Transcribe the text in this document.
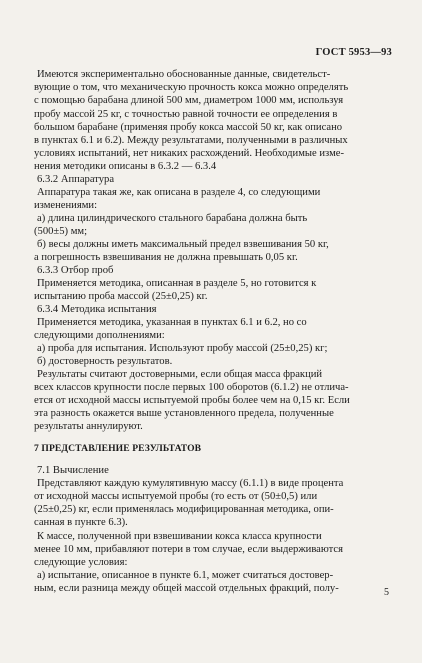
ГОСТ 5953—93
Имеются экспериментально обоснованные данные, свидетельст-
вующие о том, что механическую прочность кокса можно определять
с помощью барабана длиной 500 мм, диаметром 1000 мм, используя
пробу массой 25 кг, с точностью равной точности ее определения в
большом барабане (применяя пробу кокса массой 50 кг, как описано
в пунктах 6.1 и 6.2). Между результатами, полученными в различных
условиях испытаний, нет никаких расхождений. Необходимые изме-
нения методики описаны в 6.3.2 — 6.3.4
6.3.2 Аппаратура
Аппаратура такая же, как описана в разделе 4, со следующими
изменениями:
а) длина цилиндрического стального барабана должна быть
(500±5) мм;
б) весы должны иметь максимальный предел взвешивания 50 кг,
а погрешность взвешивания не должна превышать 0,05 кг.
6.3.3 Отбор проб
Применяется методика, описанная в разделе 5, но готовится к
испытанию проба массой (25±0,25) кг.
6.3.4 Методика испытания
Применяется методика, указанная в пунктах 6.1 и 6.2, но со
следующими дополнениями:
а) проба для испытания. Используют пробу массой (25±0,25) кг;
б) достоверность результатов.
Результаты считают достоверными, если общая масса фракций
всех классов крупности после первых 100 оборотов (6.1.2) не отлича-
ется от исходной массы испытуемой пробы более чем на 0,15 кг. Если
эта разность окажется выше установленного предела, полученные
результаты аннулируют.
7 ПРЕДСТАВЛЕНИЕ РЕЗУЛЬТАТОВ
7.1 Вычисление
Представляют каждую кумулятивную массу (6.1.1) в виде процента
от исходной массы испытуемой пробы (то есть от (50±0,5) или
(25±0,25) кг, если применялась модифицированная методика, опи-
санная в пункте 6.3).
К массе, полученной при взвешивании кокса класса крупности
менее 10 мм, прибавляют потери в том случае, если выдерживаются
следующие условия:
а) испытание, описанное в пункте 6.1, может считаться достовер-
ным, если разница между общей массой отдельных фракций, полу-	5
